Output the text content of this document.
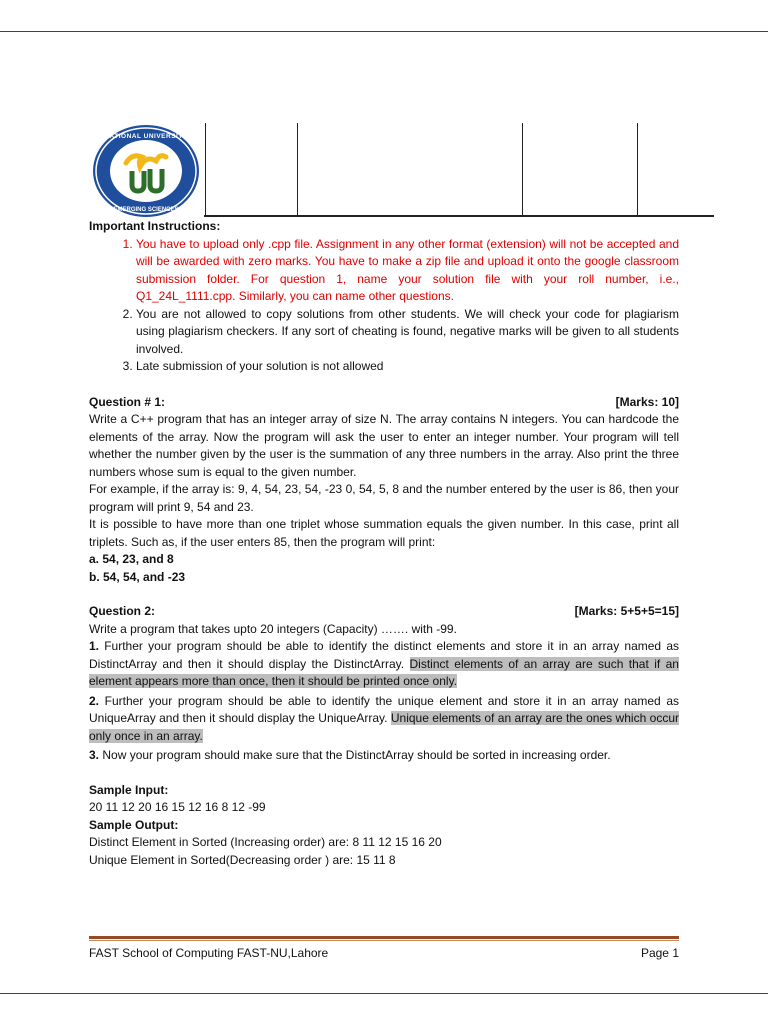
NATIONAL UNIVERSITY
EMERGING SCIENCES
Important Instructions:
1. You have to upload only .cpp file. Assignment in any other format (extension) will not be accepted and will be awarded with zero marks. You have to make a zip file and upload it onto the google classroom submission folder. For question 1, name your solution file with your roll number, i.e., Q1_24L_1111.cpp. Similarly, you can name other questions.
2. You are not allowed to copy solutions from other students. We will check your code for plagiarism using plagiarism checkers. If any sort of cheating is found, negative marks will be given to all students involved.
3. Late submission of your solution is not allowed
Question # 1:	[Marks: 10]

Write a C++ program that has an integer array of size N. The array contains N integers. You can hardcode the elements of the array. Now the program will ask the user to enter an integer number. Your program will tell whether the number given by the user is the summation of any three numbers in the array. Also print the three numbers whose sum is equal to the given number.

For example, if the array is: 9, 4, 54, 23, 54, -23 0, 54, 5, 8 and the number entered by the user is 86, then your program will print 9, 54 and 23.

It is possible to have more than one triplet whose summation equals the given number. In this case, print all triplets. Such as, if the user enters 85, then the program will print:

a. 54, 23, and 8
b. 54, 54, and -23
Question 2:	[Marks: 5+5+5=15]

Write a program that takes upto 20 integers (Capacity) ……. with -99.

1. Further your program should be able to identify the distinct elements and store it in an array named as DistinctArray and then it should display the DistinctArray. Distinct elements of an array are such that if an element appears more than once, then it should be printed once only.

2. Further your program should be able to identify the unique element and store it in an array named as UniqueArray and then it should display the UniqueArray. Unique elements of an array are the ones which occur only once in an array.

3. Now your program should make sure that the DistinctArray should be sorted in increasing order.

Sample Input:
20 11 12 20 16 15 12 16 8 12 -99
Sample Output:
Distinct Element in Sorted (Increasing order) are: 8 11 12 15 16 20
Unique Element in Sorted(Decreasing order ) are: 15 11 8
FAST School of Computing FAST-NU,Lahore	Page 1
